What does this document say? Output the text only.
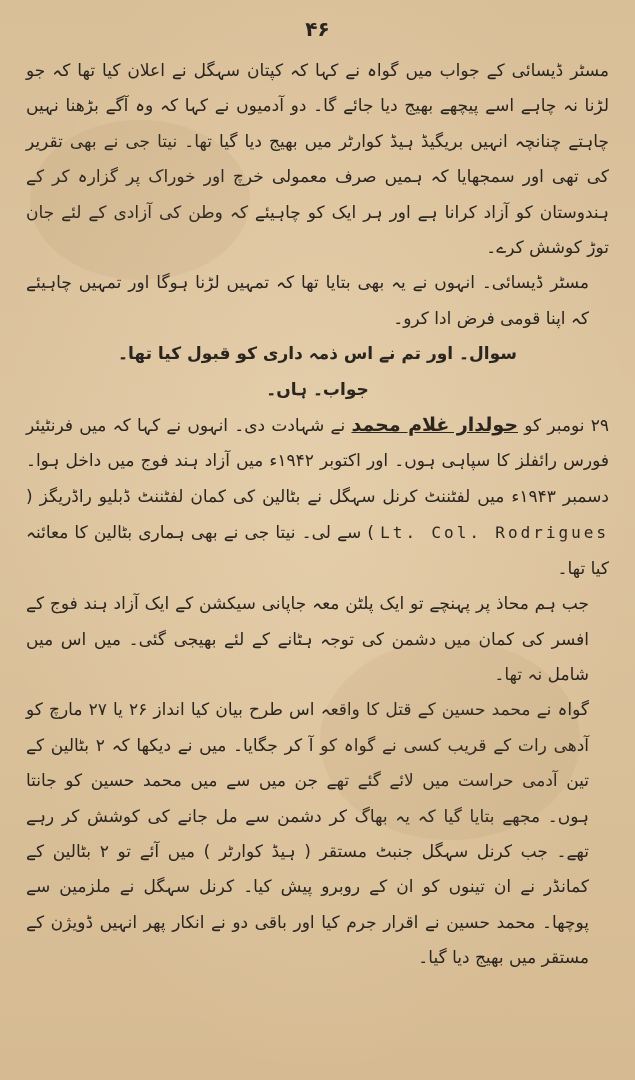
۴۶

مسٹر ڈیسائی کے جواب میں گواہ نے کہا کہ کپتان سہگل نے اعلان کیا تھا کہ جو لڑنا نہ چاہے اسے پیچھے بھیج دیا جائے گا۔ دو آدمیوں نے کہا کہ وہ آگے بڑھنا نہیں چاہتے چنانچہ انہیں بریگیڈ ہیڈ کوارٹر میں بھیج دیا گیا تھا۔ نیتا جی نے بھی تقریر کی تھی اور سمجھایا کہ ہمیں صرف معمولی خرچ اور خوراک پر گزارہ کر کے ہندوستان کو آزاد کرانا ہے اور ہر ایک کو چاہیئے کہ وطن کی آزادی کے لئے جان توڑ کوشش کرے۔

مسٹر ڈیسائی۔ انہوں نے یہ بھی بتایا تھا کہ تمہیں لڑنا ہوگا اور تمہیں چاہیئے کہ اپنا قومی فرض ادا کرو۔

سوال۔ اور تم نے اس ذمہ داری کو قبول کیا تھا۔

جواب۔ ہاں۔

۲۹ نومبر کو حولدار غلام محمد نے شہادت دی۔ انہوں نے کہا کہ میں فرنٹیئر فورس رائفلز کا سپاہی ہوں۔ اور اکتوبر ۱۹۴۲ء میں آزاد ہند فوج میں داخل ہوا۔ دسمبر ۱۹۴۳ء میں لفٹننٹ کرنل سہگل نے بٹالین کی کمان لفٹننٹ ڈبلیو راڈریگز ( Lt. Col. Rodrigues ) سے لی۔ نیتا جی نے بھی ہماری بٹالین کا معائنہ کیا تھا۔

جب ہم محاذ پر پہنچے تو ایک پلٹن معہ جاپانی سیکشن کے ایک آزاد ہند فوج کے افسر کی کمان میں دشمن کی توجہ ہٹانے کے لئے بھیجی گئی۔ میں اس میں شامل نہ تھا۔

گواہ نے محمد حسین کے قتل کا واقعہ اس طرح بیان کیا انداز ۲۶ یا ۲۷ مارچ کو آدھی رات کے قریب کسی نے گواہ کو آ کر جگایا۔ میں نے دیکھا کہ ۲ بٹالین کے تین آدمی حراست میں لائے گئے تھے جن میں سے میں محمد حسین کو جانتا ہوں۔ مجھے بتایا گیا کہ یہ بھاگ کر دشمن سے مل جانے کی کوشش کر رہے تھے۔ جب کرنل سہگل جنبٹ مستقر ( ہیڈ کوارٹر ) میں آئے تو ۲ بٹالین کے کمانڈر نے ان تینوں کو ان کے روبرو پیش کیا۔ کرنل سہگل نے ملزمین سے پوچھا۔ محمد حسین نے اقرار جرم کیا اور باقی دو نے انکار پھر انہیں ڈویژن کے مستقر میں بھیج دیا گیا۔
